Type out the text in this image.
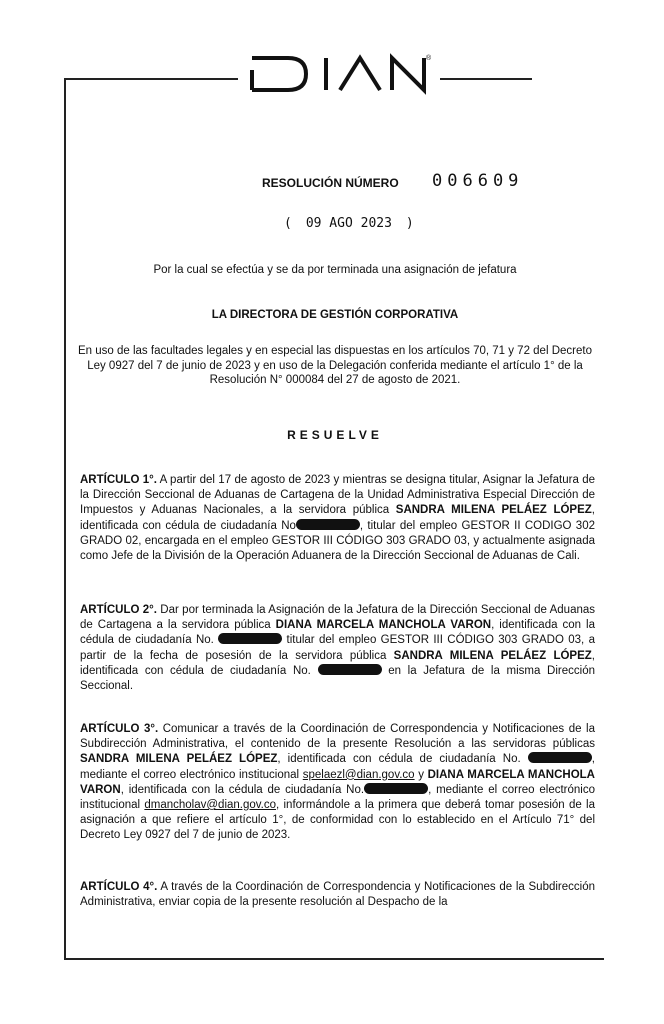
®
RESOLUCIÓN NÚMERO 006609
( 09 AGO 2023 )
Por la cual se efectúa y se da por terminada una asignación de jefatura
LA DIRECTORA DE GESTIÓN CORPORATIVA
En uso de las facultades legales y en especial las dispuestas en los artículos 70, 71 y 72 del Decreto Ley 0927 del 7 de junio de 2023 y en uso de la Delegación conferida mediante el artículo 1° de la Resolución N° 000084 del 27 de agosto de 2021.
RESUELVE
ARTÍCULO 1°. A partir del 17 de agosto de 2023 y mientras se designa titular, Asignar la Jefatura de la Dirección Seccional de Aduanas de Cartagena de la Unidad Administrativa Especial Dirección de Impuestos y Aduanas Nacionales, a la servidora pública SANDRA MILENA PELÁEZ LÓPEZ, identificada con cédula de ciudadanía No	, titular del empleo GESTOR II CODIGO 302 GRADO 02, encargada en el empleo GESTOR III CÓDIGO 303 GRADO 03, y actualmente asignada como Jefe de la División de la Operación Aduanera de la Dirección Seccional de Aduanas de Cali.
ARTÍCULO 2°. Dar por terminada la Asignación de la Jefatura de la Dirección Seccional de Aduanas de Cartagena a la servidora pública DIANA MARCELA MANCHOLA VARON, identificada con la cédula de ciudadanía No.	titular del empleo GESTOR III CÓDIGO 303 GRADO 03, a partir de la fecha de posesión de la servidora pública SANDRA MILENA PELÁEZ LÓPEZ, identificada con cédula de ciudadanía No.	en la Jefatura de la misma Dirección Seccional.
ARTÍCULO 3°. Comunicar a través de la Coordinación de Correspondencia y Notificaciones de la Subdirección Administrativa, el contenido de la presente Resolución a las servidoras públicas SANDRA MILENA PELÁEZ LÓPEZ, identificada con cédula de ciudadanía No.	, mediante el correo electrónico institucional spelaezl@dian.gov.co y DIANA MARCELA MANCHOLA VARON, identificada con la cédula de ciudadanía No.	, mediante el correo electrónico institucional dmancholav@dian.gov.co, informándole a la primera que deberá tomar posesión de la asignación a que refiere el artículo 1°, de conformidad con lo establecido en el Artículo 71° del Decreto Ley 0927 del 7 de junio de 2023.
ARTÍCULO 4°. A través de la Coordinación de Correspondencia y Notificaciones de la Subdirección Administrativa, enviar copia de la presente resolución al Despacho de la
